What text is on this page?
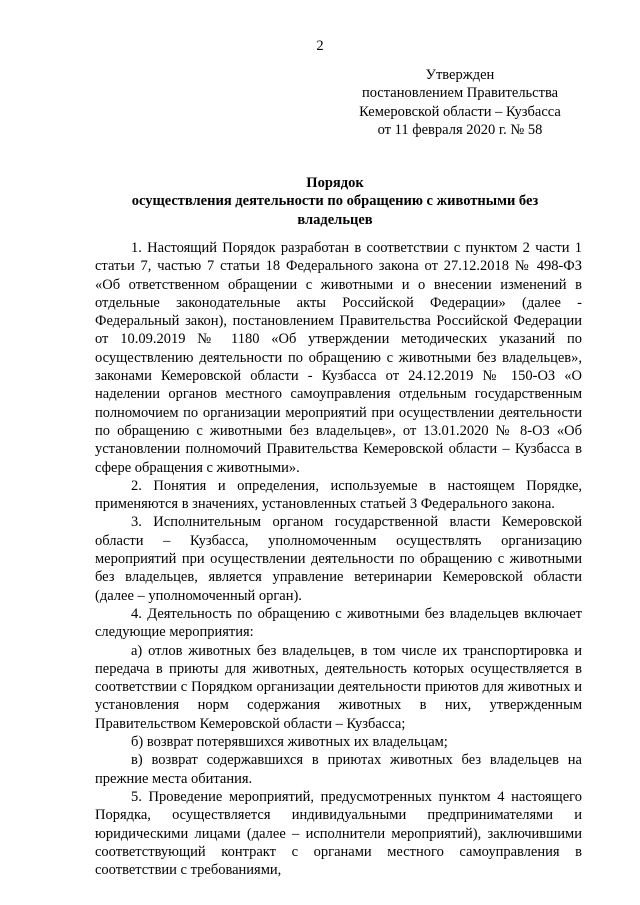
2
Утвержден
постановлением Правительства
Кемеровской области – Кузбасса
от 11 февраля 2020 г. № 58
Порядок
осуществления деятельности по обращению с животными без
владельцев

1. Настоящий Порядок разработан в соответствии с пунктом 2 части 1 статьи 7, частью 7 статьи 18 Федерального закона от 27.12.2018 № 498-ФЗ «Об ответственном обращении с животными и о внесении изменений в отдельные законодательные акты Российской Федерации» (далее - Федеральный закон), постановлением Правительства Российской Федерации от 10.09.2019 № 1180 «Об утверждении методических указаний по осуществлению деятельности по обращению с животными без владельцев», законами Кемеровской области - Кузбасса от 24.12.2019 № 150-ОЗ «О наделении органов местного самоуправления отдельным государственным полномочием по организации мероприятий при осуществлении деятельности по обращению с животными без владельцев», от 13.01.2020 № 8-ОЗ «Об установлении полномочий Правительства Кемеровской области – Кузбасса в сфере обращения с животными».

2. Понятия и определения, используемые в настоящем Порядке, применяются в значениях, установленных статьей 3 Федерального закона.

3. Исполнительным органом государственной власти Кемеровской области – Кузбасса, уполномоченным осуществлять организацию мероприятий при осуществлении деятельности по обращению с животными без владельцев, является управление ветеринарии Кемеровской области (далее – уполномоченный орган).

4. Деятельность по обращению с животными без владельцев включает следующие мероприятия:

а) отлов животных без владельцев, в том числе их транспортировка и передача в приюты для животных, деятельность которых осуществляется в соответствии с Порядком организации деятельности приютов для животных и установления норм содержания животных в них, утвержденным Правительством Кемеровской области – Кузбасса;

б) возврат потерявшихся животных их владельцам;

в) возврат содержавшихся в приютах животных без владельцев на прежние места обитания.

5. Проведение мероприятий, предусмотренных пунктом 4 настоящего Порядка, осуществляется индивидуальными предпринимателями и юридическими лицами (далее – исполнители мероприятий), заключившими соответствующий контракт с органами местного самоуправления в соответствии с требованиями,
